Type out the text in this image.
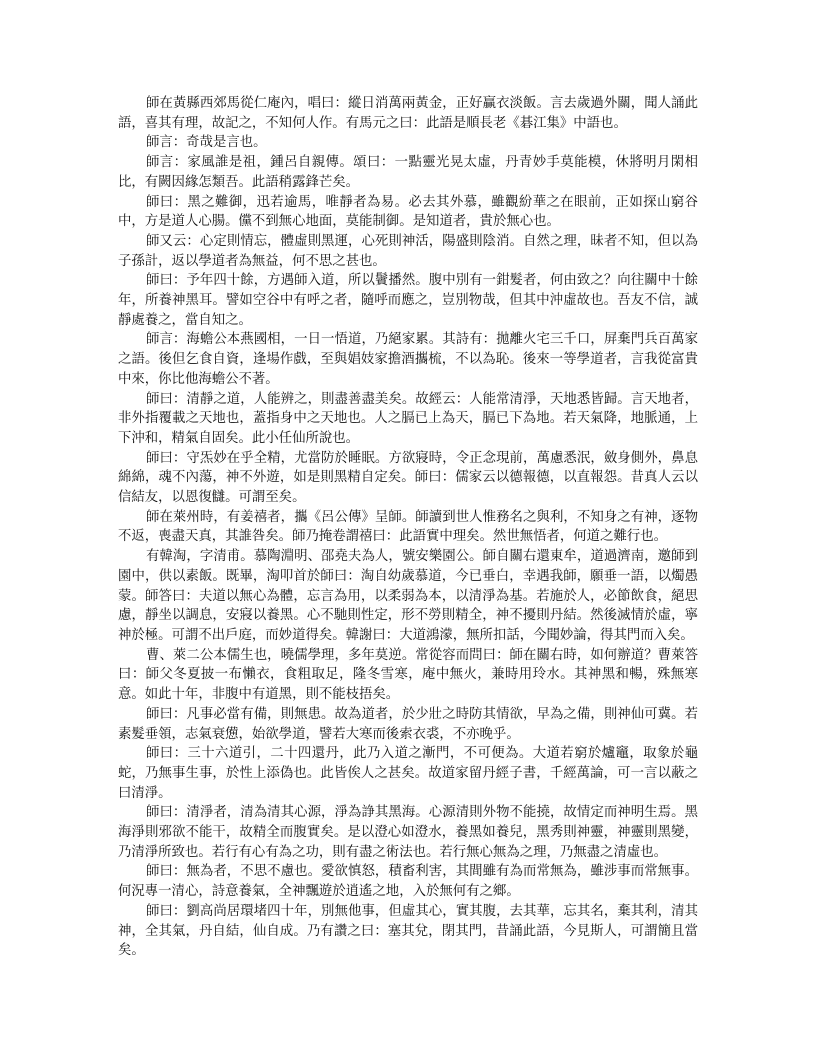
師在黃縣西郊馬從仁庵內，唱曰：縱日消萬兩黃金，正好贏衣淡飯。言去歲過外關，聞人誦此語，喜其有理，故記之，不知何人作。有馬元之曰：此語是順長老《碁江集》中語也。

師言：奇哉是言也。

師言：家風誰是祖，鍾呂自親傳。頌曰：一點靈光晃太虛，丹青妙手莫能模，休將明月閑相比，有闕因緣怎類吾。此語稍露鋒芒矣。

師曰：黑之難御，迅若逾馬，唯靜者為易。必去其外慕，雖觀紛華之在眼前，正如探山窮谷中，方是道人心腸。儻不到無心地面，莫能制御。是知道者，貴於無心也。

師又云：心定則情忘，體虛則黑運，心死則神活，陽盛則陰消。自然之理，昧者不知，但以為子孫計，返以學道者為無益，何不思之甚也。

師曰：予年四十餘，方遇師入道，所以鬢播然。腹中別有一鉗髮者，何由致之？向往關中十餘年，所養神黑耳。譬如空谷中有呼之者，隨呼而應之，豈別物哉，但其中沖虛故也。吾友不信，誠靜處養之，當自知之。

師言：海蟾公本燕國相，一日一悟道，乃絕家累。其詩有：拋離火宅三千口，屏棄門兵百萬家之語。後但乞食自資，逢場作戲，至與娼妓家擔酒攜梳，不以為恥。後來一等學道者，言我從富貴中來，你比他海蟾公不著。

師曰：清靜之道，人能辨之，則盡善盡美矣。故經云：人能常清淨，天地悉皆歸。言天地者，非外指覆載之天地也，蓋指身中之天地也。人之膈已上為天，膈已下為地。若天氣降，地脈通，上下沖和，精氣自固矣。此小任仙所說也。

師曰：守炁妙在乎全精，尤當防於睡眠。方欲寢時，令正念現前，萬慮悉泯，斂身側外，鼻息綿綿，魂不內蕩，神不外遊，如是則黑精自定矣。師曰：儒家云以德報德，以直報怨。昔真人云以信結友，以恩復讎。可謂至矣。

師在萊州時，有姜禧者，攜《呂公傳》呈師。師讀到世人惟務名之與利，不知身之有神，逐物不返，喪盡天真，其誰咎矣。師乃掩卷謂禧曰：此語實中理矣。然世無悟者，何道之難行也。

有韓淘，字清甫。慕陶淵明、邵堯夫為人，號安樂園公。師自關右還東牟，道過濟南，邀師到園中，供以素飯。既畢，淘叩首於師曰：淘自幼歲慕道，今已垂白，幸遇我師，願垂一語，以燭愚蒙。師答曰：夫道以無心為體，忘言為用，以柔弱為本，以清淨為基。若施於人，必節飲食，絕思慮，靜坐以調息，安寢以養黑。心不馳則性定，形不勞則精全，神不擾則丹結。然後滅情於虛，寧神於極。可謂不出戶庭，而妙道得矣。韓謝曰：大道鴻濛，無所扣話，今聞妙論，得其門而入矣。

曹、萊二公本儒生也，曉儒學理，多年莫逆。常從容而問曰：師在關右時，如何辦道？曹萊答曰：師父冬夏披一布懶衣，食粗取足，隆冬雪寒，庵中無火，兼時用玲水。其神黑和暢，殊無寒意。如此十年，非腹中有道黑，則不能枝捂矣。

師曰：凡事必當有備，則無患。故為道者，於少壯之時防其情欲，早為之備，則神仙可冀。若素髮垂領，志氣衰憊，始欲學道，譬若大寒而後索衣裘，不亦晚乎。

師曰：三十六道引，二十四還丹，此乃入道之漸門，不可便為。大道若窮於爐竈，取象於龜蛇，乃無事生事，於性上添偽也。此皆俟人之甚矣。故道家留丹經子書，千經萬論，可一言以蔽之曰清淨。

師曰：清淨者，清為清其心源，淨為諍其黑海。心源清則外物不能撓，故情定而神明生焉。黑海淨則邪欲不能干，故精全而腹實矣。是以澄心如澄水，養黑如養兒，黑秀則神靈，神靈則黑變，乃清淨所致也。若行有心有為之功，則有盡之術法也。若行無心無為之理，乃無盡之清虛也。

師曰：無為者，不思不慮也。愛欲慎怒，積畜利害，其間雖有為而常無為，雖涉事而常無事。何況專一清心，詩意養氣，全神飄遊於逍遙之地，入於無何有之鄉。

師曰：劉高尚居環堵四十年，別無他事，但虛其心，實其腹，去其華，忘其名，棄其利，清其神，全其氣，丹自結，仙自成。乃有讚之曰：塞其兌，閉其門，昔誦此語，今見斯人，可謂簡且當矣。
